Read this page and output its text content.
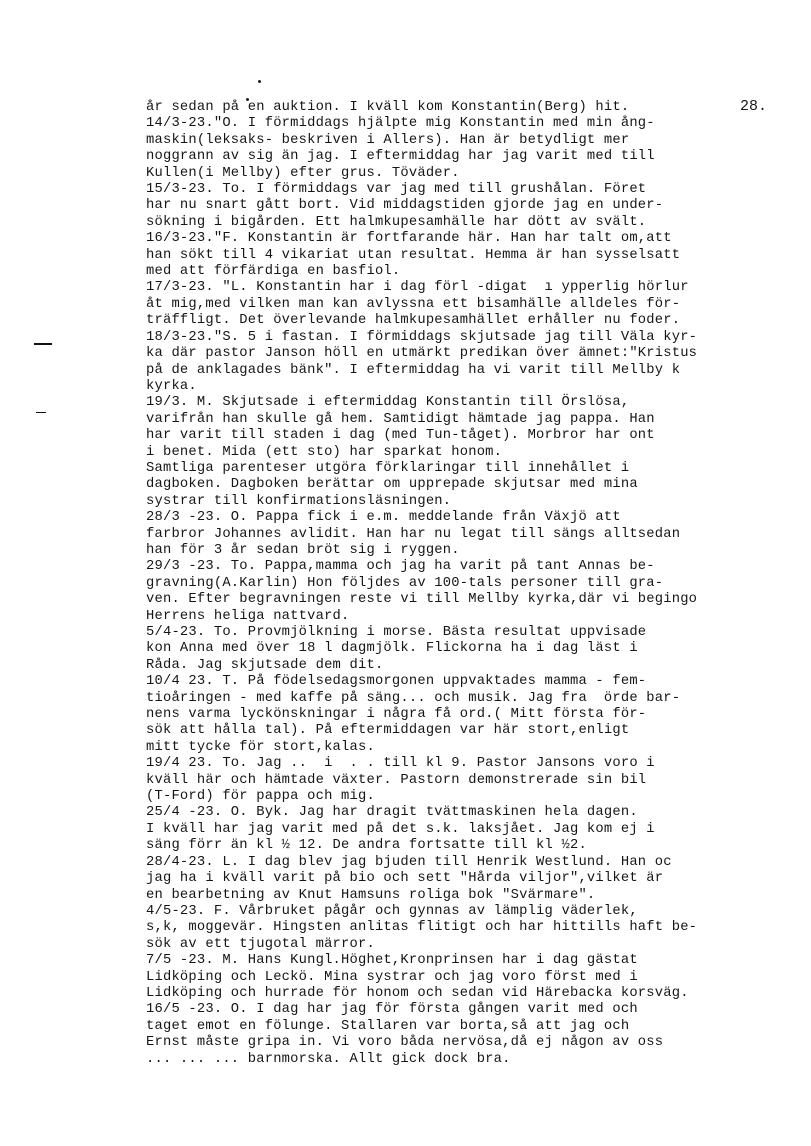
28.
år sedan på en auktion. I kväll kom Konstantin(Berg) hit.
14/3-23."O. I förmiddags hjälpte mig Konstantin med min ång-
maskin(leksaks- beskriven i Allers). Han är betydligt mer
noggrann av sig än jag. I eftermiddag har jag varit med till
Kullen(i Mellby) efter grus. Töväder.
15/3-23. To. I förmiddags var jag med till grushålan. Föret
har nu snart gått bort. Vid middagstiden gjorde jag en under-
sökning i bigården. Ett halmkupesamhälle har dött av svält.
16/3-23."F. Konstantin är fortfarande här. Han har talt om,att
han sökt till 4 vikariat utan resultat. Hemma är han sysselsatt
med att förfärdiga en basfiol.
17/3-23. "L. Konstantin har i dag förl -digat  ı ypperlig hörlur
åt mig,med vilken man kan avlyssna ett bisamhälle alldeles för-
träffligt. Det överlevande halmkupesamhället erhåller nu foder.
18/3-23."S. 5 i fastan. I förmiddags skjutsade jag till Väla kyr-
ka där pastor Janson höll en utmärkt predikan över ämnet:"Kristus
på de anklagades bänk". I eftermiddag ha vi varit till Mellby k
kyrka.
19/3. M. Skjutsade i eftermiddag Konstantin till Örslösa,
varifrån han skulle gå hem. Samtidigt hämtade jag pappa. Han
har varit till staden i dag (med Tun-tåget). Morbror har ont
i benet. Mida (ett sto) har sparkat honom.
Samtliga parenteser utgöra förklaringar till innehållet i
dagboken. Dagboken berättar om upprepade skjutsar med mina
systrar till konfirmationsläsningen.
28/3 -23. O. Pappa fick i e.m. meddelande från Växjö att
farbror Johannes avlidit. Han har nu legat till sängs alltsedan
han för 3 år sedan bröt sig i ryggen.
29/3 -23. To. Pappa,mamma och jag ha varit på tant Annas be-
gravning(A.Karlin) Hon följdes av 100-tals personer till gra-
ven. Efter begravningen reste vi till Mellby kyrka,där vi begingo
Herrens heliga nattvard.
5/4-23. To. Provmjölkning i morse. Bästa resultat uppvisade
kon Anna med över 18 l dagmjölk. Flickorna ha i dag läst i
Råda. Jag skjutsade dem dit.
10/4 23. T. På födelsedagsmorgonen uppvaktades mamma - fem-
tioåringen - med kaffe på säng... och musik. Jag fra  örde bar-
nens varma lyckönskningar i några få ord.( Mitt första för-
sök att hålla tal). På eftermiddagen var här stort,enligt
mitt tycke för stort,kalas.
19/4 23. To. Jag ..  i  . . till kl 9. Pastor Jansons voro i
kväll här och hämtade växter. Pastorn demonstrerade sin bil
(T-Ford) för pappa och mig.
25/4 -23. O. Byk. Jag har dragit tvättmaskinen hela dagen.
I kväll har jag varit med på det s.k. laksjået. Jag kom ej i
säng förr än kl ½ 12. De andra fortsatte till kl ½2.
28/4-23. L. I dag blev jag bjuden till Henrik Westlund. Han oc
jag ha i kväll varit på bio och sett "Hårda viljor",vilket är
en bearbetning av Knut Hamsuns roliga bok "Svärmare".
4/5-23. F. Vårbruket pågår och gynnas av lämplig väderlek,
s,k, moggevär. Hingsten anlitas flitigt och har hittills haft be-
sök av ett tjugotal märror.
7/5 -23. M. Hans Kungl.Höghet,Kronprinsen har i dag gästat
Lidköping och Leckö. Mina systrar och jag voro först med i
Lidköping och hurrade för honom och sedan vid Härebacka korsväg.
16/5 -23. O. I dag har jag för första gången varit med och
taget emot en fölunge. Stallaren var borta,så att jag och
Ernst måste gripa in. Vi voro båda nervösa,då ej någon av oss
... ... ... barnmorska. Allt gick dock bra.
